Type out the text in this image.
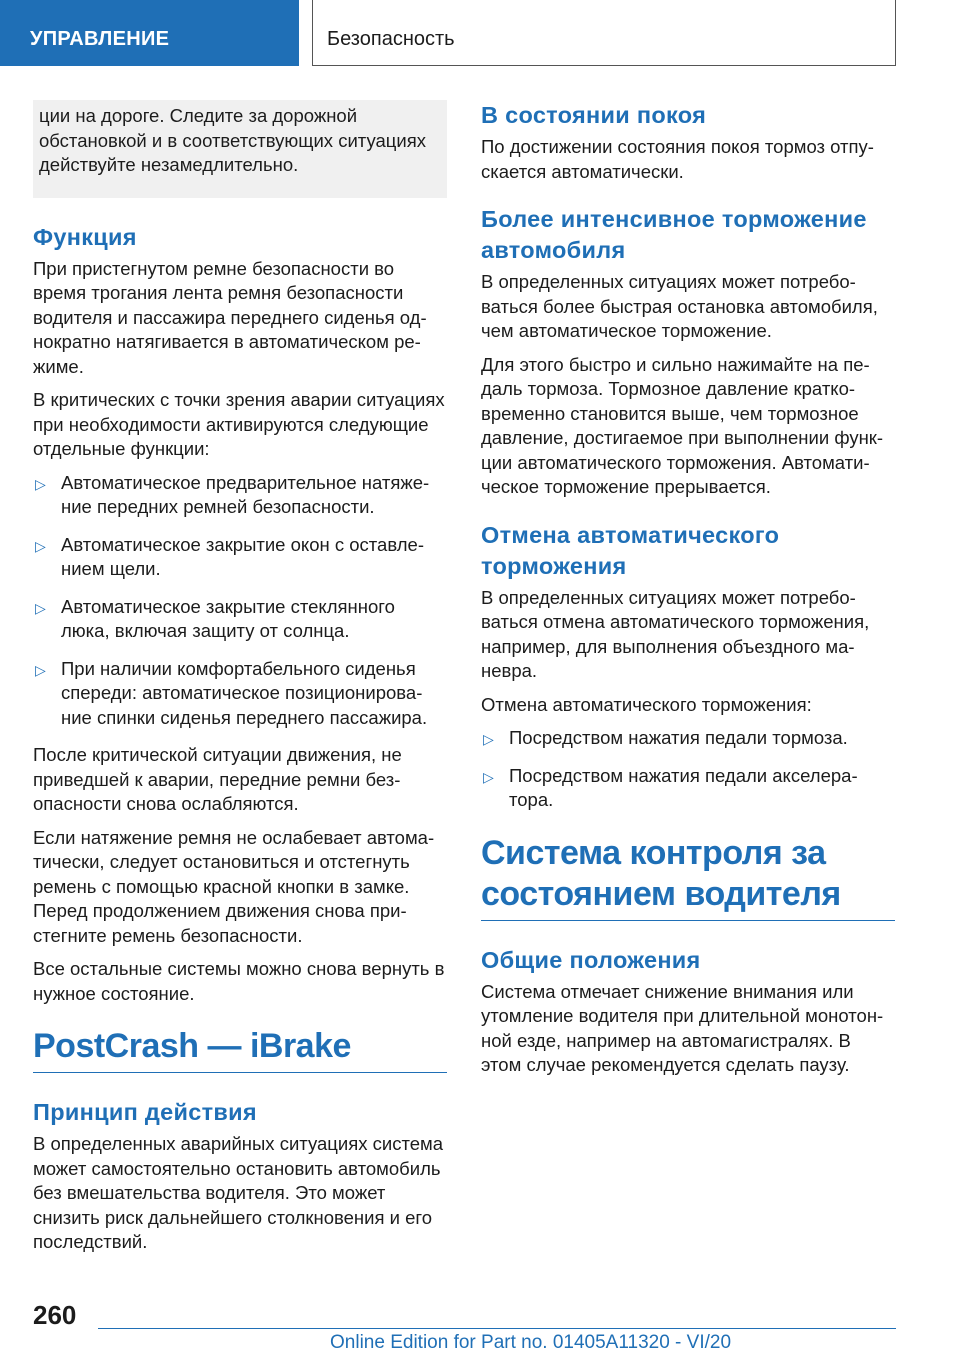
УПРАВЛЕНИЕ	Безопасность

ции на дороге. Следите за дорожной обстановкой и в соответствующих ситуациях действуйте незамедлительно.

Функция

При пристегнутом ремне безопасности во время трогания лента ремня безопасности водителя и пассажира переднего сиденья однократно натягивается в автоматическом режиме.

В критических с точки зрения аварии ситуациях при необходимости активируются следующие отдельные функции:

▷ Автоматическое предварительное натяжение передних ремней безопасности.
▷ Автоматическое закрытие окон с оставлением щели.
▷ Автоматическое закрытие стеклянного люка, включая защиту от солнца.
▷ При наличии комфортабельного сиденья спереди: автоматическое позиционирование спинки сиденья переднего пассажира.

После критической ситуации движения, не приведшей к аварии, передние ремни безопасности снова ослабляются.

Если натяжение ремня не ослабевает автоматически, следует остановиться и отстегнуть ремень с помощью красной кнопки в замке. Перед продолжением движения снова пристегните ремень безопасности.

Все остальные системы можно снова вернуть в нужное состояние.

PostCrash — iBrake
Принцип действия

В определенных аварийных ситуациях система может самостоятельно остановить автомобиль без вмешательства водителя. Это может снизить риск дальнейшего столкновения и его последствий.

В состоянии покоя

По достижении состояния покоя тормоз отпускается автоматически.

Более интенсивное торможение автомобиля

В определенных ситуациях может потребоваться более быстрая остановка автомобиля, чем автоматическое торможение.

Для этого быстро и сильно нажимайте на педаль тормоза. Тормозное давление кратковременно становится выше, чем тормозное давление, достигаемое при выполнении функции автоматического торможения. Автоматическое торможение прерывается.

Отмена автоматического торможения

В определенных ситуациях может потребоваться отмена автоматического торможения, например, для выполнения объездного маневра.

Отмена автоматического торможения:

▷ Посредством нажатия педали тормоза.
▷ Посредством нажатия педали акселератора.
Система контроля за состоянием водителя
Общие положения

Система отмечает снижение внимания или утомление водителя при длительной монотонной езде, например на автомагистралях. В этом случае рекомендуется сделать паузу.

260
Online Edition for Part no. 01405A11320 - VI/20
